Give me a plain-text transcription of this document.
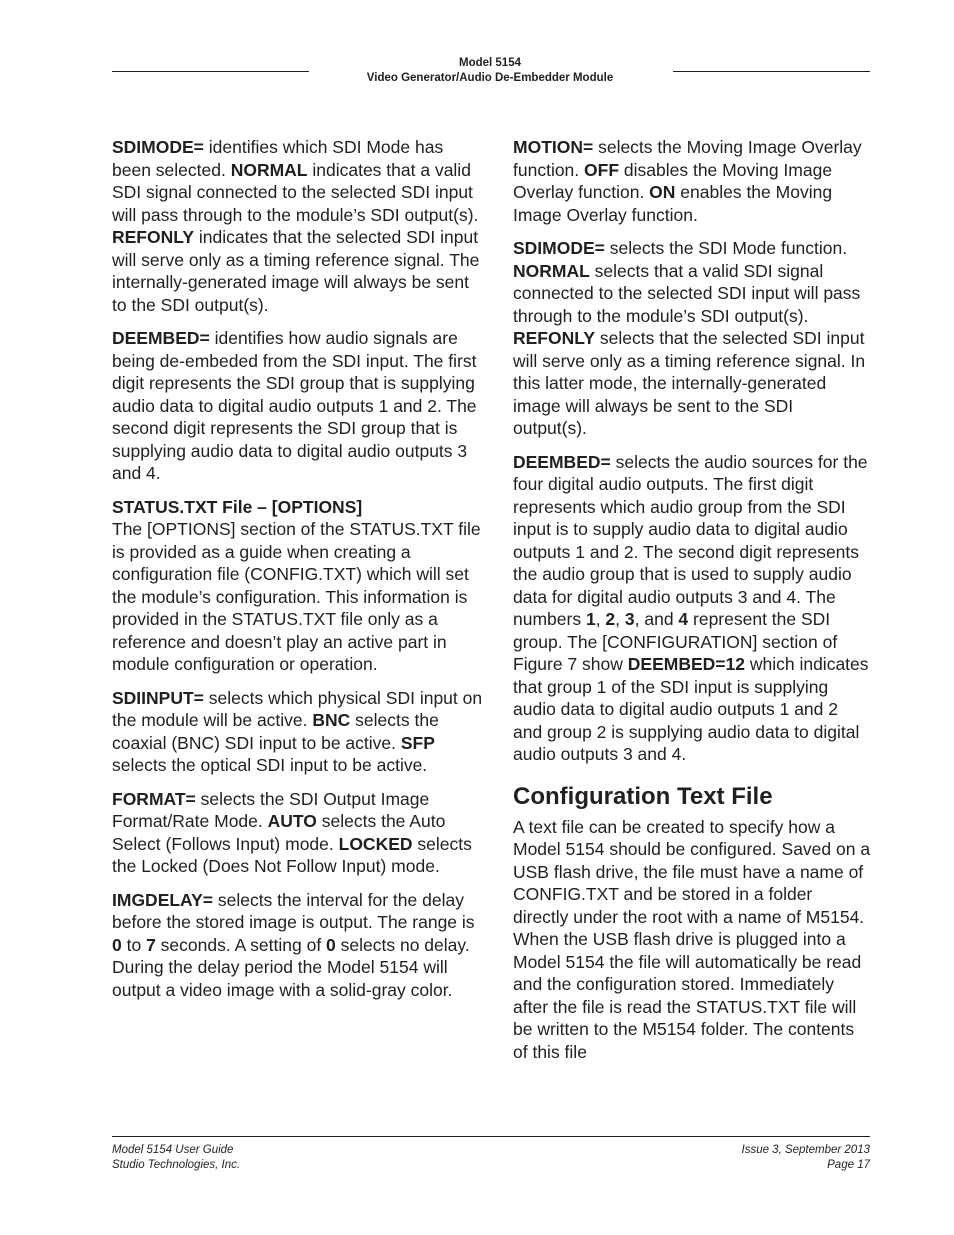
Model 5154
Video Generator/Audio De-Embedder Module

SDIMODE= identifies which SDI Mode has been selected. NORMAL indicates that a valid SDI signal connected to the selected SDI input will pass through to the module’s SDI output(s). REFONLY indicates that the selected SDI input will serve only as a timing reference signal. The internally-generated image will always be sent to the SDI output(s).

DEEMBED= identifies how audio signals are being de-embeded from the SDI input. The first digit represents the SDI group that is supplying audio data to digital audio outputs 1 and 2. The second digit represents the SDI group that is supplying audio data to digital audio outputs 3 and 4.

STATUS.TXT File – [OPTIONS]

The [OPTIONS] section of the STATUS.TXT file is provided as a guide when creating a configuration file (CONFIG.TXT) which will set the module’s configuration. This information is provided in the STATUS.TXT file only as a reference and doesn’t play an active part in module configuration or operation.

SDIINPUT= selects which physical SDI input on the module will be active. BNC selects the coaxial (BNC) SDI input to be active. SFP selects the optical SDI input to be active.

FORMAT= selects the SDI Output Image Format/Rate Mode. AUTO selects the Auto Select (Follows Input) mode. LOCKED selects the Locked (Does Not Follow Input) mode.

IMGDELAY= selects the interval for the delay before the stored image is output. The range is 0 to 7 seconds. A setting of 0 selects no delay. During the delay period the Model 5154 will output a video image with a solid-gray color.

MOTION= selects the Moving Image Overlay function. OFF disables the Moving Image Overlay function. ON enables the Moving Image Overlay function.

SDIMODE= selects the SDI Mode function. NORMAL selects that a valid SDI signal connected to the selected SDI input will pass through to the module’s SDI output(s). REFONLY selects that the selected SDI input will serve only as a timing reference signal. In this latter mode, the internally-generated image will always be sent to the SDI output(s).

DEEMBED= selects the audio sources for the four digital audio outputs. The first digit represents which audio group from the SDI input is to supply audio data to digital audio outputs 1 and 2. The second digit represents the audio group that is used to supply audio data for digital audio outputs 3 and 4. The numbers 1, 2, 3, and 4 represent the SDI group. The [CONFIGURATION] section of Figure 7 show DEEMBED=12 which indicates that group 1 of the SDI input is supplying audio data to digital audio outputs 1 and 2 and group 2 is supplying audio data to digital audio outputs 3 and 4.

Configuration Text File

A text file can be created to specify how a Model 5154 should be configured. Saved on a USB flash drive, the file must have a name of CONFIG.TXT and be stored in a folder directly under the root with a name of M5154. When the USB flash drive is plugged into a Model 5154 the file will automatically be read and the configuration stored. Immediately after the file is read the STATUS.TXT file will be written to the M5154 folder. The contents of this file

Model 5154 User Guide
Studio Technologies, Inc.
Issue 3, September 2013
Page 17
